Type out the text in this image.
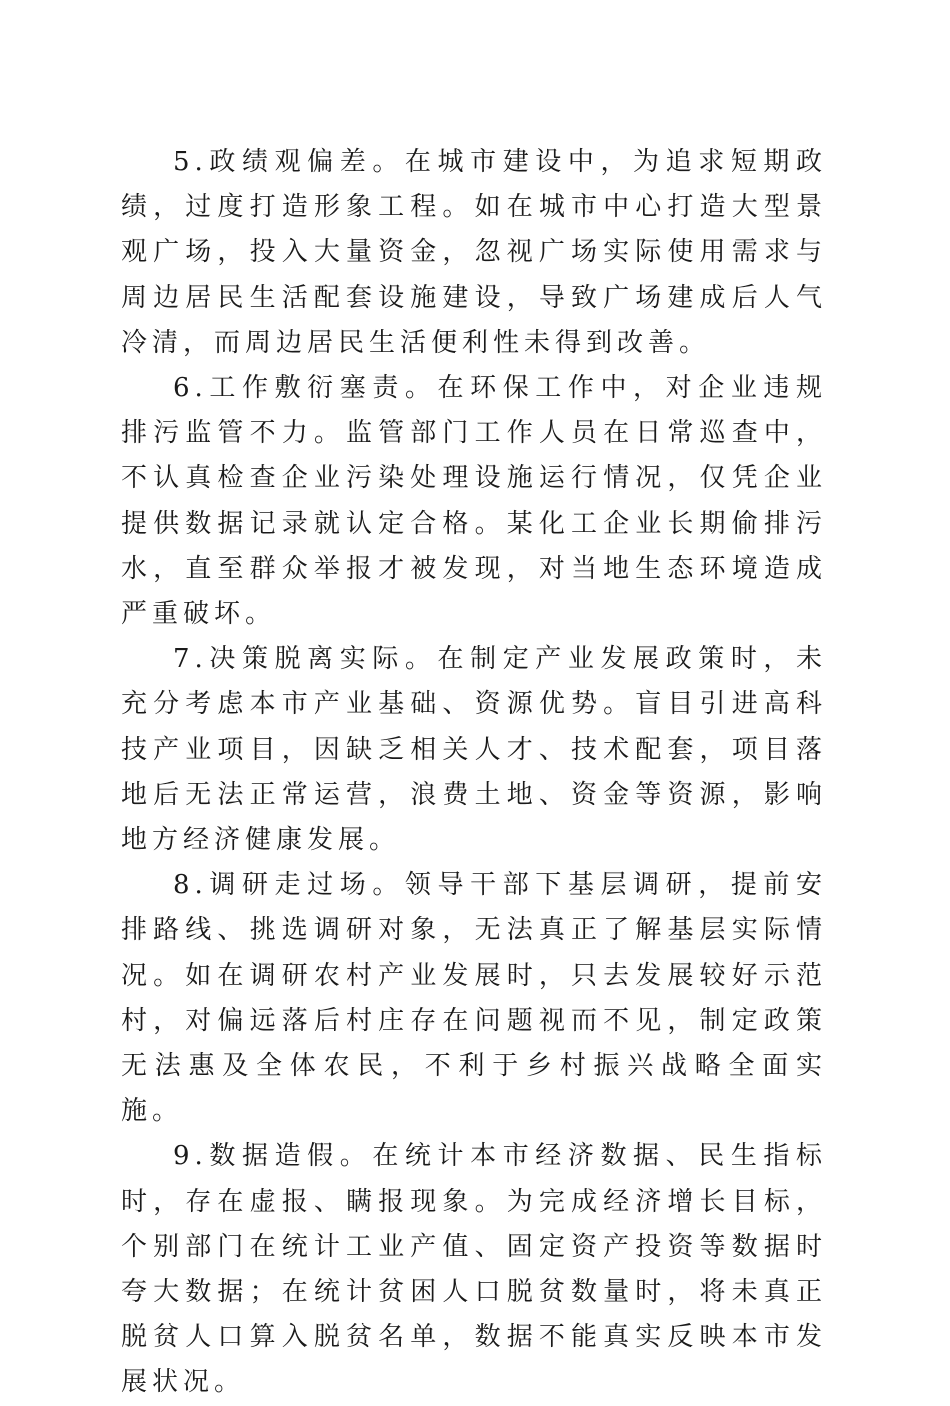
5.政绩观偏差。在城市建设中，为追求短期政绩，过度打造形象工程。如在城市中心打造大型景观广场，投入大量资金，忽视广场实际使用需求与周边居民生活配套设施建设，导致广场建成后人气冷清，而周边居民生活便利性未得到改善。

6.工作敷衍塞责。在环保工作中，对企业违规排污监管不力。监管部门工作人员在日常巡查中，不认真检查企业污染处理设施运行情况，仅凭企业提供数据记录就认定合格。某化工企业长期偷排污水，直至群众举报才被发现，对当地生态环境造成严重破坏。

7.决策脱离实际。在制定产业发展政策时，未充分考虑本市产业基础、资源优势。盲目引进高科技产业项目，因缺乏相关人才、技术配套，项目落地后无法正常运营，浪费土地、资金等资源，影响地方经济健康发展。

8.调研走过场。领导干部下基层调研，提前安排路线、挑选调研对象，无法真正了解基层实际情况。如在调研农村产业发展时，只去发展较好示范村，对偏远落后村庄存在问题视而不见，制定政策无法惠及全体农民，不利于乡村振兴战略全面实施。

9.数据造假。在统计本市经济数据、民生指标时，存在虚报、瞒报现象。为完成经济增长目标，个别部门在统计工业产值、固定资产投资等数据时夸大数据；在统计贫困人口脱贫数量时，将未真正脱贫人口算入脱贫名单，数据不能真实反映本市发展状况。
